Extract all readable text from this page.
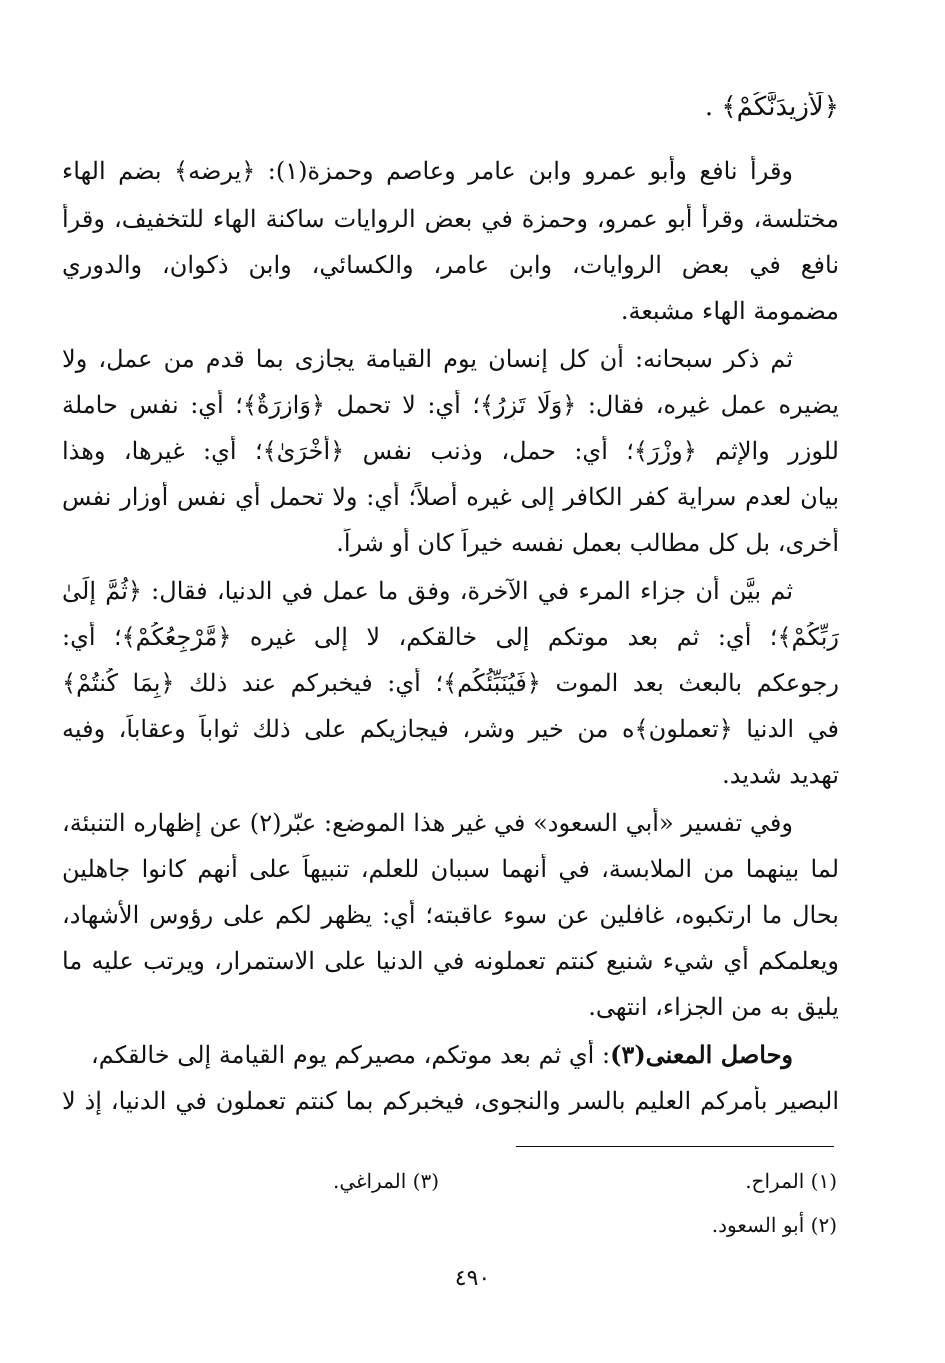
﴿لَأَزِيدَنَّكُمْ﴾ .
وقرأ نافع وأبو عمرو وابن عامر وعاصم وحمزة(١): ﴿يرضه﴾ بضم الهاء
مختلسة، وقرأ أبو عمرو، وحمزة في بعض الروايات ساكنة الهاء للتخفيف، وقرأ
نافع في بعض الروايات، وابن عامر، والكسائي، وابن ذكوان، والدوري
مضمومة الهاء مشبعة.
ثم ذكر سبحانه: أن كل إنسان يوم القيامة يجازى بما قدم من عمل، ولا
يضيره عمل غيره، فقال: ﴿وَلَا تَزِرُ﴾؛ أي: لا تحمل ﴿وَازِرَةٌ﴾؛ أي: نفس حاملة
للوزر والإثم ﴿وِزْرَ﴾؛ أي: حمل، وذنب نفس ﴿أُخْرَىٰ﴾؛ أي: غيرها، وهذا
بيان لعدم سراية كفر الكافر إلى غيره أصلاً؛ أي: ولا تحمل أي نفس أوزار نفس
أخرى، بل كل مطالب بعمل نفسه خيراً كان أو شراً.
ثم بيَّن أن جزاء المرء في الآخرة، وفق ما عمل في الدنيا، فقال: ﴿ثُمَّ إِلَىٰ
رَبِّكُمْ﴾؛ أي: ثم بعد موتكم إلى خالقكم، لا إلى غيره ﴿مَّرْجِعُكُمْ﴾؛ أي:
رجوعكم بالبعث بعد الموت ﴿فَيُنَبِّئُكُم﴾؛ أي: فيخبركم عند ذلك ﴿بِمَا كُنتُمْ﴾
في الدنيا ﴿تعملون﴾ه من خير وشر، فيجازيكم على ذلك ثواباً وعقاباً، وفيه
تهديد شديد.
وفي تفسير «أبي السعود» في غير هذا الموضع: عبّر(٢) عن إظهاره التنبئة،
لما بينهما من الملابسة، في أنهما سببان للعلم، تنبيهاً على أنهم كانوا جاهلين
بحال ما ارتكبوه، غافلين عن سوء عاقبته؛ أي: يظهر لكم على رؤوس الأشهاد،
ويعلمكم أي شيء شنيع كنتم تعملونه في الدنيا على الاستمرار، ويرتب عليه ما
يليق به من الجزاء، انتهى.
وحاصل المعنى(٣): أي ثم بعد موتكم، مصيركم يوم القيامة إلى خالقكم،
البصير بأمركم العليم بالسر والنجوى، فيخبركم بما كنتم تعملون في الدنيا، إذ لا
(١) المراح.
(٣) المراغي.
(٢) أبو السعود.
٤٩٠
